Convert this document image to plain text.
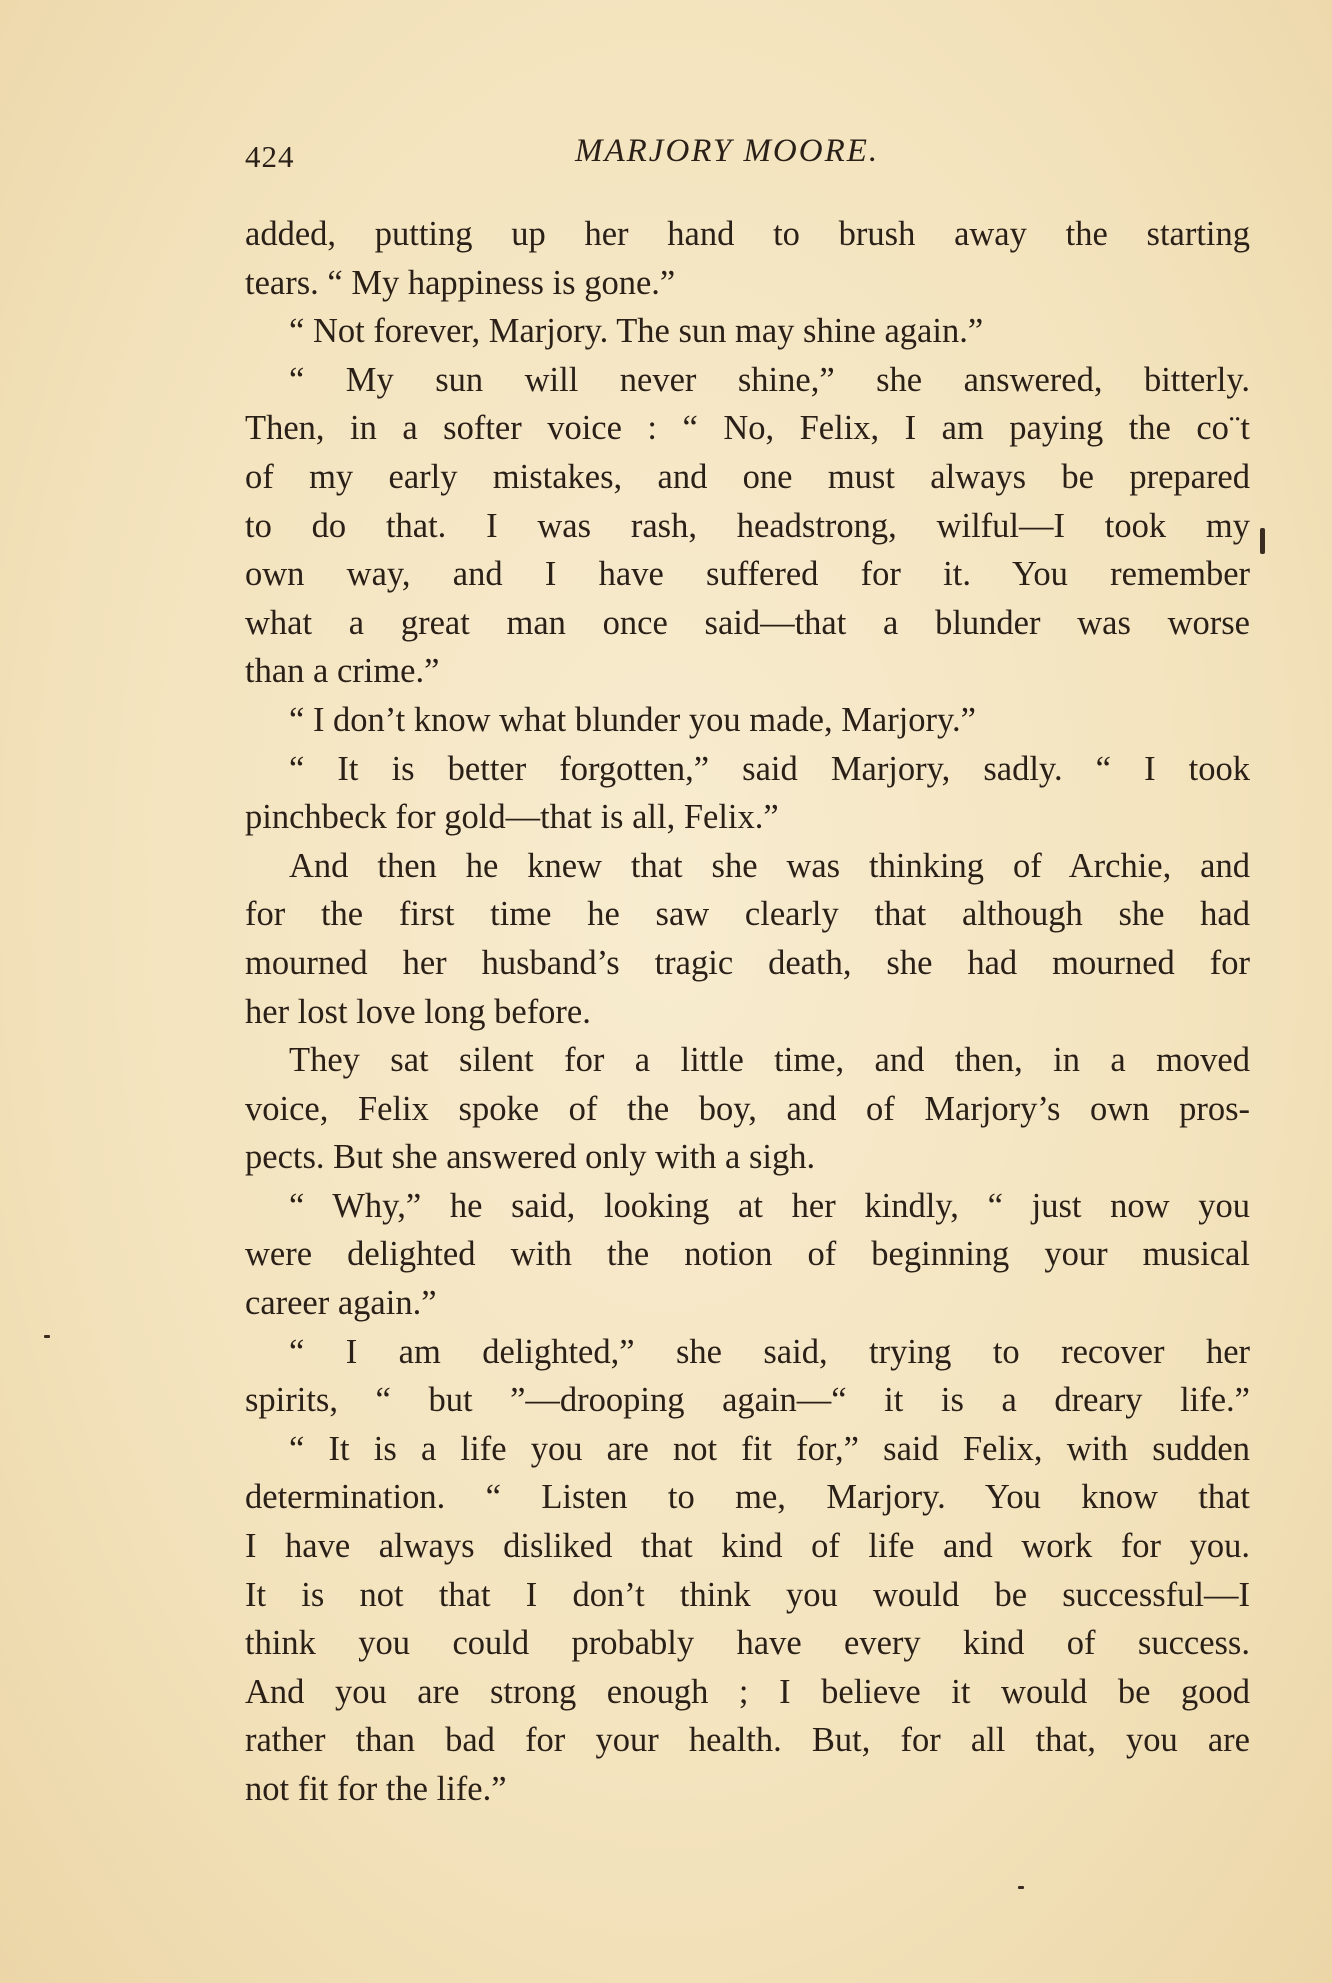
424	MARJORY MOORE.
added, putting up her hand to brush away the starting
tears. “ My happiness is gone.”
“ Not forever, Marjory. The sun may shine again.”
“ My sun will never shine,” she answered, bitterly.
Then, in a softer voice : “ No, Felix, I am paying the co¨t
of my early mistakes, and one must always be prepared
to do that. I was rash, headstrong, wilful—I took my
own way, and I have suffered for it. You remember
what a great man once said—that a blunder was worse
than a crime.”
“ I don’t know what blunder you made, Marjory.”
“ It is better forgotten,” said Marjory, sadly. “ I took
pinchbeck for gold—that is all, Felix.”
And then he knew that she was thinking of Archie, and
for the first time he saw clearly that although she had
mourned her husband’s tragic death, she had mourned for
her lost love long before.
They sat silent for a little time, and then, in a moved
voice, Felix spoke of the boy, and of Marjory’s own pros-
pects. But she answered only with a sigh.
“ Why,” he said, looking at her kindly, “ just now you
were delighted with the notion of beginning your musical
career again.”
“ I am delighted,” she said, trying to recover her
spirits, “ but ”—drooping again—“ it is a dreary life.”
“ It is a life you are not fit for,” said Felix, with sudden
determination. “ Listen to me, Marjory. You know that
I have always disliked that kind of life and work for you.
It is not that I don’t think you would be successful—I
think you could probably have every kind of success.
And you are strong enough ; I believe it would be good
rather than bad for your health. But, for all that, you are
not fit for the life.”
